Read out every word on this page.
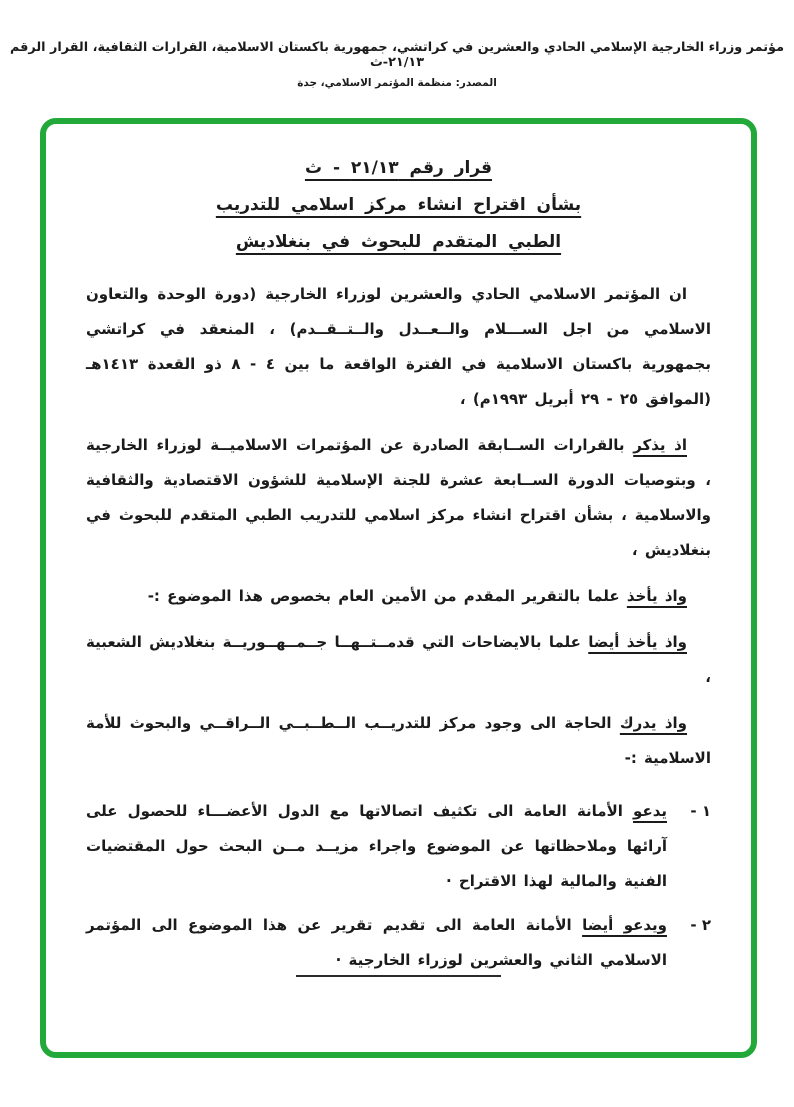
مؤتمر وزراء الخارجية الإسلامي الحادي والعشرين في كراتشي، جمهورية باكستان الاسلامية، القرارات الثقافية، القرار الرقم ٢١/١٣-ث
المصدر: منظمة المؤتمر الاسلامي، جدة
قرار رقم ٢١/١٣ - ث
بشأن اقتراح انشاء مركز اسلامي للتدريب
الطبي المتقدم للبحوث في بنغلاديش

ان المؤتمر الاسلامي الحادي والعشرين لوزراء الخارجية (دورة الوحدة والتعاون الاسلامي من اجل الســـلام والــعــدل والــتــقــدم) ، المنعقد في كراتشي بجمهورية باكستان الاسلامية في الفترة الواقعة ما بين ٤ - ٨ ذو القعدة ١٤١٣هـ (الموافق ٢٥ - ٢٩ أبريل ١٩٩٣م) ،

اذ يذكر بالقرارات الســابقة الصادرة عن المؤتمرات الاسلاميــة لوزراء الخارجية ، وبتوصيات الدورة الســابعة عشرة للجنة الإسلامية للشؤون الاقتصادية والثقافية والاسلامية ، بشأن اقتراح انشاء مركز اسلامي للتدريب الطبي المتقدم للبحوث في بنغلاديش ،

واذ يأخذ علما بالتقرير المقدم من الأمين العام بخصوص هذا الموضوع :-

واذ يأخذ أيضا علما بالايضاحات التي قدمــتــهــا جــمــهــوريــة بنغلاديش الشعبية ،

واذ يدرك الحاجة الى وجود مركز للتدريــب الــطــبــي الــراقــي والبحوث للأمة الاسلامية :-

١ -
يدعو الأمانة العامة الى تكثيف اتصالاتها مع الدول الأعضـــاء للحصول على آرائها وملاحظاتها عن الموضوع واجراء مزيــد مــن البحث حول المقتضيات الفنية والمالية لهذا الاقتراح ·
٢ -
ويدعو أيضا الأمانة العامة الى تقديم تقرير عن هذا الموضوع الى المؤتمر الاسلامي الثاني والعشرين لوزراء الخارجية ·
